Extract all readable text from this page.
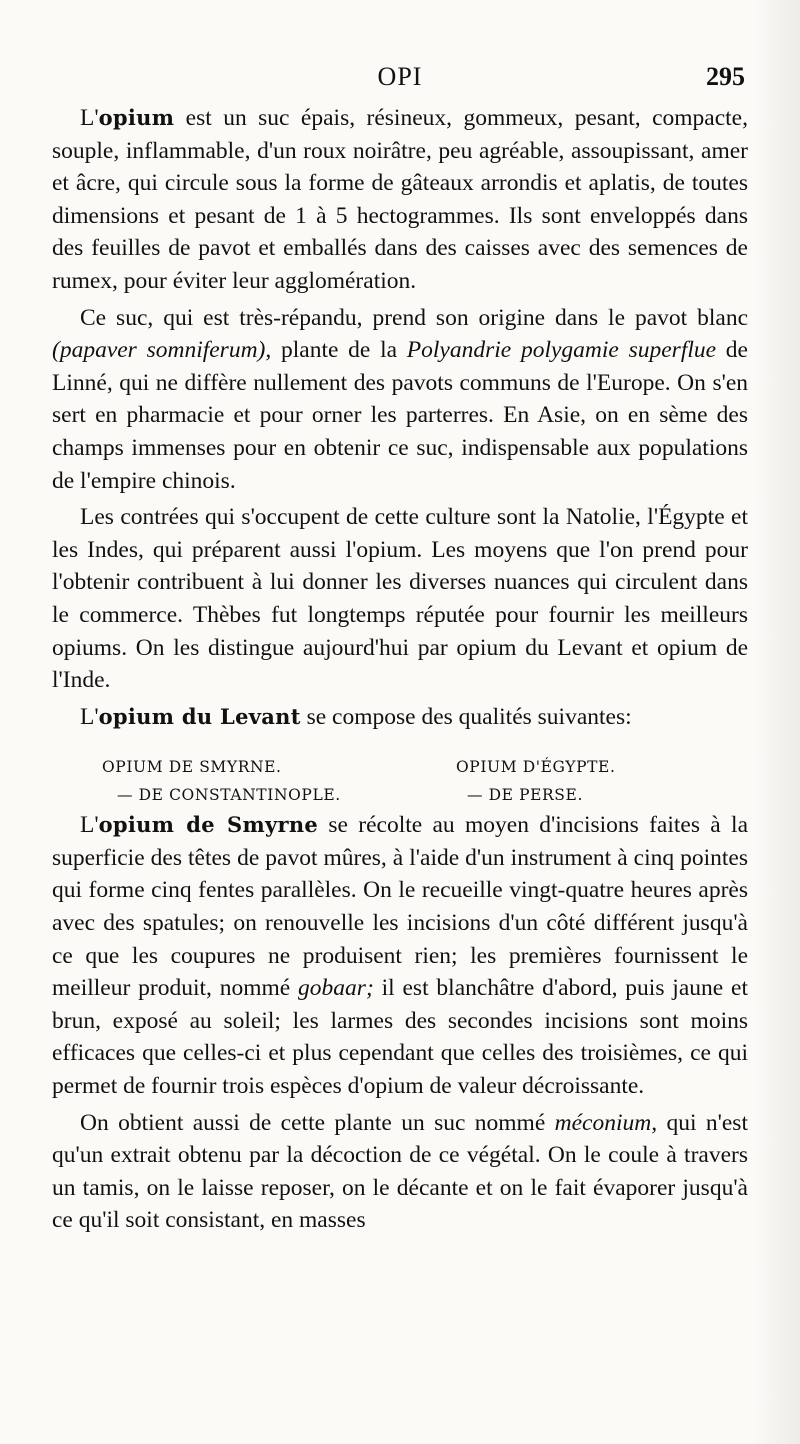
OPI	295

L'opium est un suc épais, résineux, gommeux, pesant, compacte, souple, inflammable, d'un roux noirâtre, peu agréable, assoupissant, amer et âcre, qui circule sous la forme de gâteaux arrondis et aplatis, de toutes dimensions et pesant de 1 à 5 hectogrammes. Ils sont enveloppés dans des feuilles de pavot et emballés dans des caisses avec des semences de rumex, pour éviter leur agglomération.

Ce suc, qui est très-répandu, prend son origine dans le pavot blanc (papaver somniferum), plante de la Polyandrie polygamie superflue de Linné, qui ne diffère nullement des pavots communs de l'Europe. On s'en sert en pharmacie et pour orner les parterres. En Asie, on en sème des champs immenses pour en obtenir ce suc, indispensable aux populations de l'empire chinois.

Les contrées qui s'occupent de cette culture sont la Natolie, l'Égypte et les Indes, qui préparent aussi l'opium. Les moyens que l'on prend pour l'obtenir contribuent à lui donner les diverses nuances qui circulent dans le commerce. Thèbes fut longtemps réputée pour fournir les meilleurs opiums. On les distingue aujourd'hui par opium du Levant et opium de l'Inde.

L'opium du Levant se compose des qualités suivantes:

OPIUM DE SMYRNE.	OPIUM D'ÉGYPTE.
— DE CONSTANTINOPLE.	— DE PERSE.

L'opium de Smyrne se récolte au moyen d'incisions faites à la superficie des têtes de pavot mûres, à l'aide d'un instrument à cinq pointes qui forme cinq fentes parallèles. On le recueille vingt-quatre heures après avec des spatules; on renouvelle les incisions d'un côté différent jusqu'à ce que les coupures ne produisent rien; les premières fournissent le meilleur produit, nommé gobaar; il est blanchâtre d'abord, puis jaune et brun, exposé au soleil; les larmes des secondes incisions sont moins efficaces que celles-ci et plus cependant que celles des troisièmes, ce qui permet de fournir trois espèces d'opium de valeur décroissante.

On obtient aussi de cette plante un suc nommé méconium, qui n'est qu'un extrait obtenu par la décoction de ce végétal. On le coule à travers un tamis, on le laisse reposer, on le décante et on le fait évaporer jusqu'à ce qu'il soit consistant, en masses
